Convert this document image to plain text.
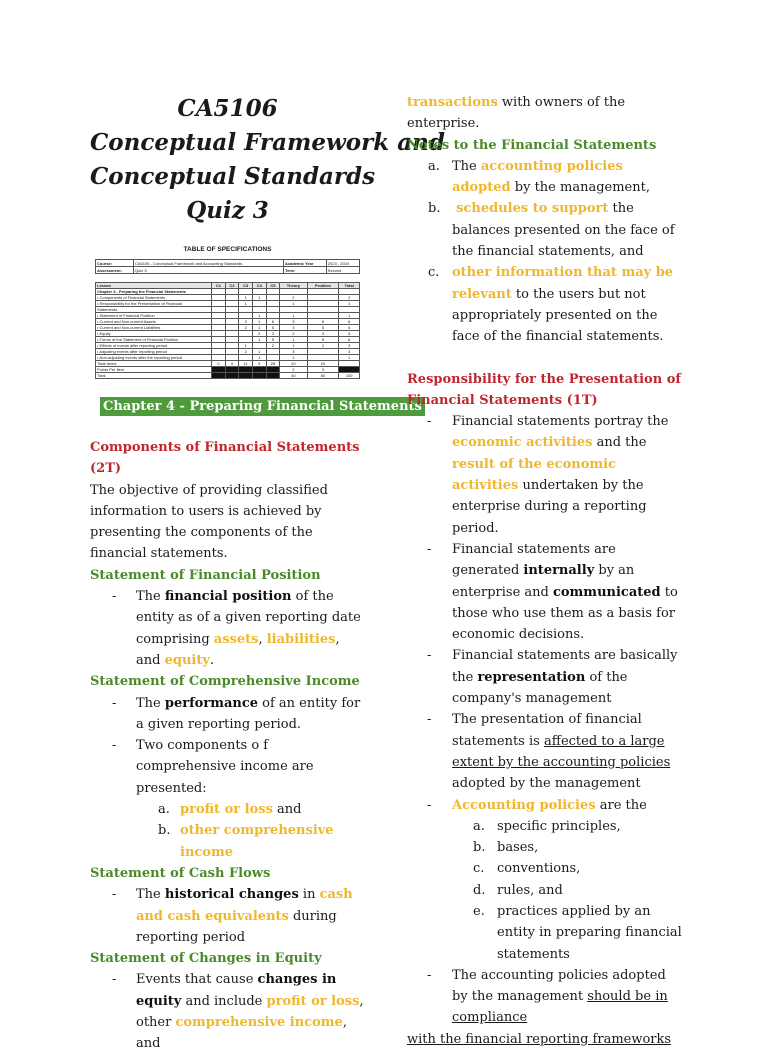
CA5106
Conceptual Framework and
Conceptual Standards
Quiz 3
TABLE OF SPECIFICATIONS
Course:	CA5106 - Conceptual Framework and Accounting Standards	Academic Year	2023 - 2024
Assessment:	Quiz 3	Term	Second
Lesson	C1	C2	C3	C4	C5	Theory	Problem	Total
Chapter 4 - Preparing the Financial Statements								
• Components of Financial Statements			1	1		2		2
• Responsibility for the Presentation of Financial			1			1		1
Statements								
• Statement of Financial Position				1		1		1
• Current and Non-current Assets			2	1	6	3	6	6
• Current and Non-current Liabilities			2	1	5	3	5	6
• Equity				2	3	2	3	5
• Forms of the Statement of Financial Position				1	5	1	5	6
• Effects of events after reporting period			1		2	1	2	3
• Adjusting events after reporting period			2	1		3		3
• Non-adjusting events after the reporting period				1		1		1
Total Items	0	0	11	9	28	20	20	
Points Per Item						2	3	
Total						40	60	100
Chapter 4 - Preparing Financial Statements
Components of Financial Statements (2T)
The objective of providing classified information to users is achieved by presenting the components of the financial statements.
Statement of Financial Position
- The financial position of the entity as of a given reporting date comprising assets, liabilities, and equity.
Statement of Comprehensive Income
- The performance of an entity for a given reporting period.
- Two components o f comprehensive income are presented:
a. profit or loss and
b. other comprehensive income
Statement of Cash Flows
- The historical changes in cash and cash equivalents during reporting period
Statement of Changes in Equity
- Events that cause changes in equity and include profit or loss, other comprehensive income, and
transactions with owners of the enterprise.
Notes to the Financial Statements
a. The accounting policies adopted by the management,
b. schedules to support the balances presented on the face of the financial statements, and
c. other information that may be relevant to the users but not appropriately presented on the face of the financial statements.
Responsibility for the Presentation of Financial Statements (1T)
- Financial statements portray the economic activities and the result of the economic activities undertaken by the enterprise during a reporting period.
- Financial statements are generated internally by an enterprise and communicated to those who use them as a basis for economic decisions.
- Financial statements are basically the representation of the company's management
- The presentation of financial statements is affected to a large extent by the accounting policies adopted by the management
- Accounting policies are the
a. specific principles,
b. bases,
c. conventions,
d. rules, and
e. practices applied by an entity in preparing financial statements
- The accounting policies adopted by the management should be in compliance
with the financial reporting frameworks
